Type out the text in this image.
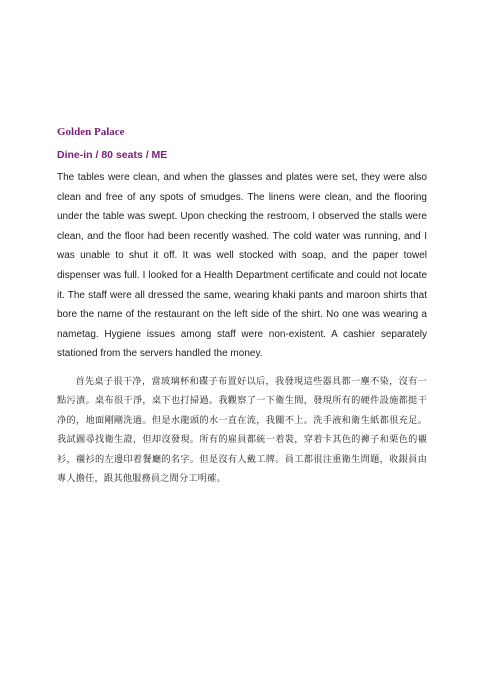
Golden Palace
Dine-in / 80 seats / ME

The tables were clean, and when the glasses and plates were set, they were also clean and free of any spots of smudges. The linens were clean, and the flooring under the table was swept. Upon checking the restroom, I observed the stalls were clean, and the floor had been recently washed. The cold water was running, and I was unable to shut it off. It was well stocked with soap, and the paper towel dispenser was full. I looked for a Health Department certificate and could not locate it. The staff were all dressed the same, wearing khaki pants and maroon shirts that bore the name of the restaurant on the left side of the shirt. No one was wearing a nametag. Hygiene issues among staff were non-existent. A cashier separately stationed from the servers handled the money.

首先桌子很干净，當玻璃杯和碟子布置好以后，我發現這些器具都一塵不染，沒有一點污漬。桌布很干淨，桌下也打掃過。我觀察了一下衛生間，發現所有的硬件設施都挺干净的，地面剛剛洗過。但是水龍頭的水一直在流，我關不上。洗手液和衛生紙都很充足。我試圖尋找衛生證，但却沒發現。所有的雇員都統一着裝，穿着卡其色的褲子和栗色的襯衫，襯衫的左邊印着餐廳的名字。但是沒有人戴工牌。員工都很注重衛生問題，收銀員由專人擔任，跟其他服務員之間分工明確。
